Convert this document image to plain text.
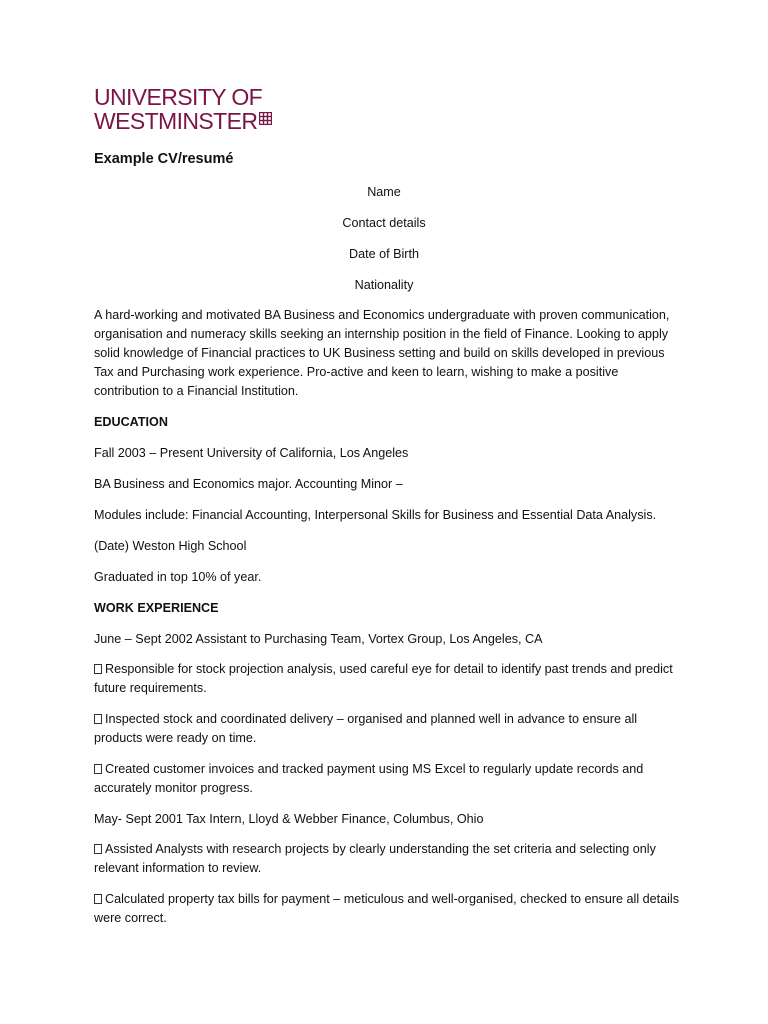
UNIVERSITY OF
WESTMINSTER
Example CV/resumé
Name
Contact details
Date of Birth
Nationality

A hard-working and motivated BA Business and Economics undergraduate with proven communication, organisation and numeracy skills seeking an internship position in the field of Finance. Looking to apply solid knowledge of Financial practices to UK Business setting and build on skills developed in previous Tax and Purchasing work experience. Pro-active and keen to learn, wishing to make a positive contribution to a Financial Institution.

EDUCATION
Fall 2003 – Present University of California, Los Angeles
BA Business and Economics major. Accounting Minor –
Modules include: Financial Accounting, Interpersonal Skills for Business and Essential Data Analysis.
(Date) Weston High School
Graduated in top 10% of year.
WORK EXPERIENCE
June – Sept 2002 Assistant to Purchasing Team, Vortex Group, Los Angeles, CA
Responsible for stock projection analysis, used careful eye for detail to identify past trends and predict future requirements.
Inspected stock and coordinated delivery – organised and planned well in advance to ensure all products were ready on time.
Created customer invoices and tracked payment using MS Excel to regularly update records and accurately monitor progress.
May- Sept 2001 Tax Intern, Lloyd & Webber Finance, Columbus, Ohio
Assisted Analysts with research projects by clearly understanding the set criteria and selecting only relevant information to review.
Calculated property tax bills for payment – meticulous and well-organised, checked to ensure all details were correct.
